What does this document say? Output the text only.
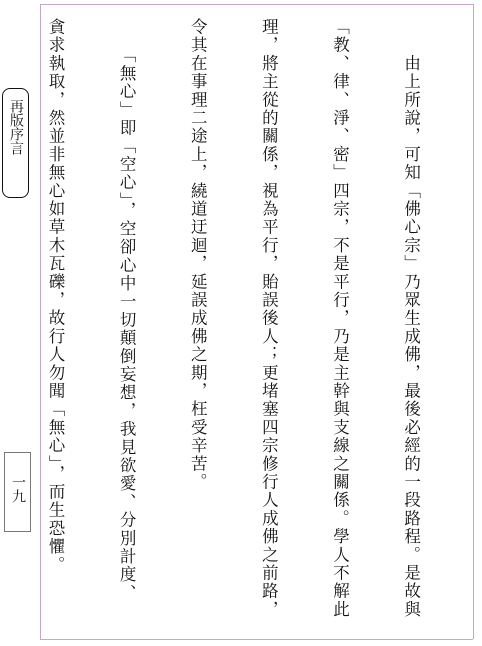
再版序言
一九

	　　由上所說，可知「佛心宗」乃眾生成佛，最後必經的一段路程。是故與

「教、律、淨、密」四宗，不是平行，乃是主幹與支線之關係。學人不解此

理，將主從的關係，視為平行，貽誤後人；更堵塞四宗修行人成佛之前路，

令其在事理二途上，繞道迂迴，延誤成佛之期，枉受辛苦。

　　「無心」即「空心」，空卻心中一切顛倒妄想，我見欲愛、分別計度、

貪求執取，然並非無心如草木瓦礫，故行人勿聞「無心」，而生恐懼。
